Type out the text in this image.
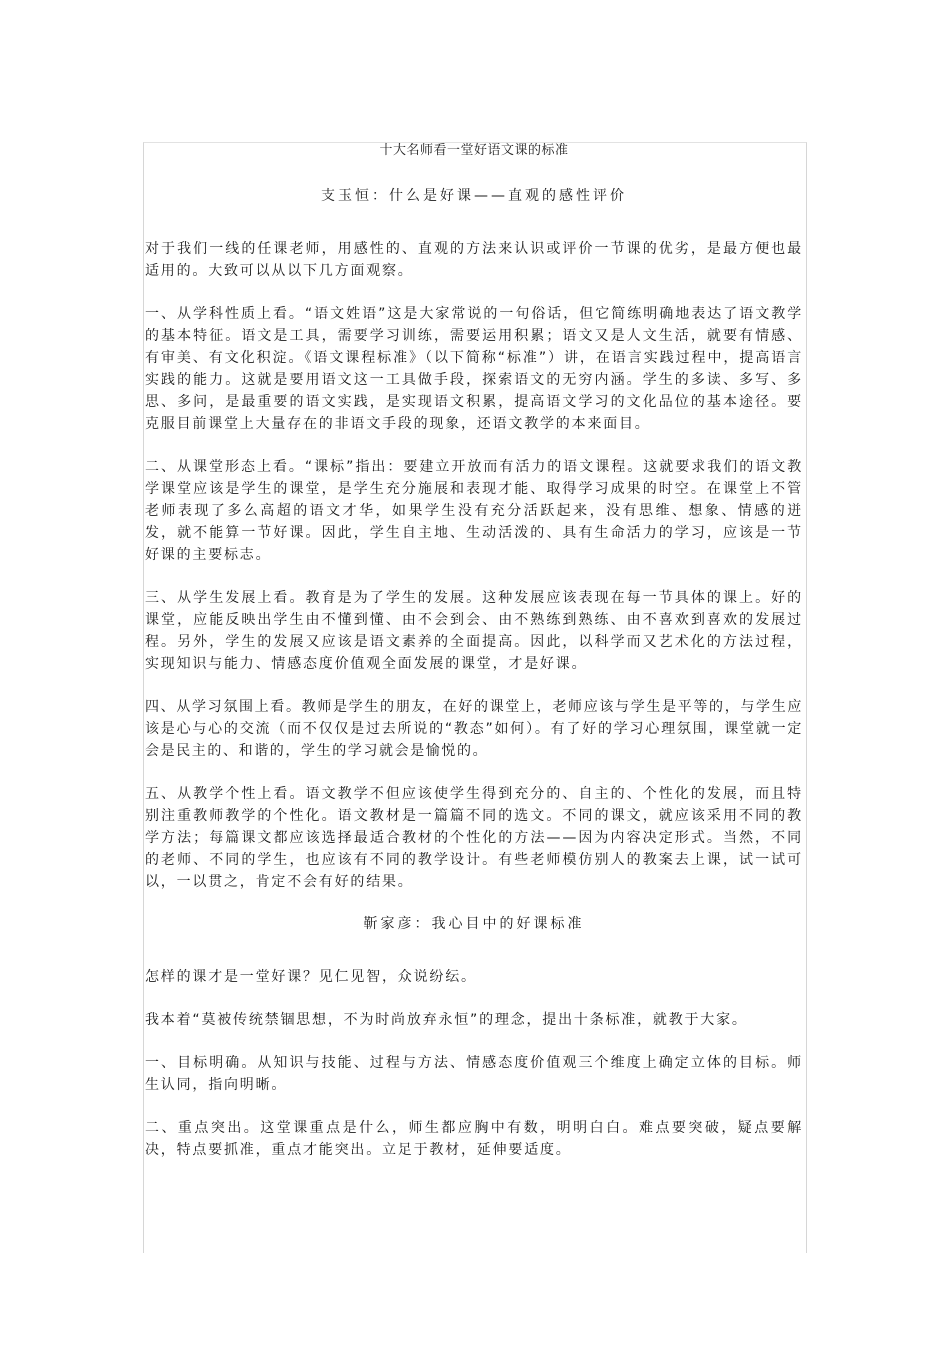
十大名师看一堂好语文课的标准
支玉恒：什么是好课——直观的感性评价

对于我们一线的任课老师，用感性的、直观的方法来认识或评价一节课的优劣，是最方便也最适用的。大致可以从以下几方面观察。

一、从学科性质上看。“语文姓语”这是大家常说的一句俗话，但它简练明确地表达了语文教学的基本特征。语文是工具，需要学习训练，需要运用积累；语文又是人文生活，就要有情感、有审美、有文化积淀。《语文课程标准》（以下简称“标准”）讲，在语言实践过程中，提高语言实践的能力。这就是要用语文这一工具做手段，探索语文的无穷内涵。学生的多读、多写、多思、多问，是最重要的语文实践，是实现语文积累，提高语文学习的文化品位的基本途径。要克服目前课堂上大量存在的非语文手段的现象，还语文教学的本来面目。

二、从课堂形态上看。“课标”指出：要建立开放而有活力的语文课程。这就要求我们的语文教学课堂应该是学生的课堂，是学生充分施展和表现才能、取得学习成果的时空。在课堂上不管老师表现了多么高超的语文才华，如果学生没有充分活跃起来，没有思维、想象、情感的迸发，就不能算一节好课。因此，学生自主地、生动活泼的、具有生命活力的学习，应该是一节好课的主要标志。

三、从学生发展上看。教育是为了学生的发展。这种发展应该表现在每一节具体的课上。好的课堂，应能反映出学生由不懂到懂、由不会到会、由不熟练到熟练、由不喜欢到喜欢的发展过程。另外，学生的发展又应该是语文素养的全面提高。因此，以科学而又艺术化的方法过程，实现知识与能力、情感态度价值观全面发展的课堂，才是好课。

四、从学习氛围上看。教师是学生的朋友，在好的课堂上，老师应该与学生是平等的，与学生应该是心与心的交流（而不仅仅是过去所说的“教态”如何）。有了好的学习心理氛围，课堂就一定会是民主的、和谐的，学生的学习就会是愉悦的。

五、从教学个性上看。语文教学不但应该使学生得到充分的、自主的、个性化的发展，而且特别注重教师教学的个性化。语文教材是一篇篇不同的选文。不同的课文，就应该采用不同的教学方法；每篇课文都应该选择最适合教材的个性化的方法——因为内容决定形式。当然，不同的老师、不同的学生，也应该有不同的教学设计。有些老师模仿别人的教案去上课，试一试可以，一以贯之，肯定不会有好的结果。

靳家彦：我心目中的好课标准

怎样的课才是一堂好课？见仁见智，众说纷纭。

我本着“莫被传统禁锢思想，不为时尚放弃永恒”的理念，提出十条标准，就教于大家。

一、目标明确。从知识与技能、过程与方法、情感态度价值观三个维度上确定立体的目标。师生认同，指向明晰。

二、重点突出。这堂课重点是什么，师生都应胸中有数，明明白白。难点要突破，疑点要解决，特点要抓准，重点才能突出。立足于教材，延伸要适度。
